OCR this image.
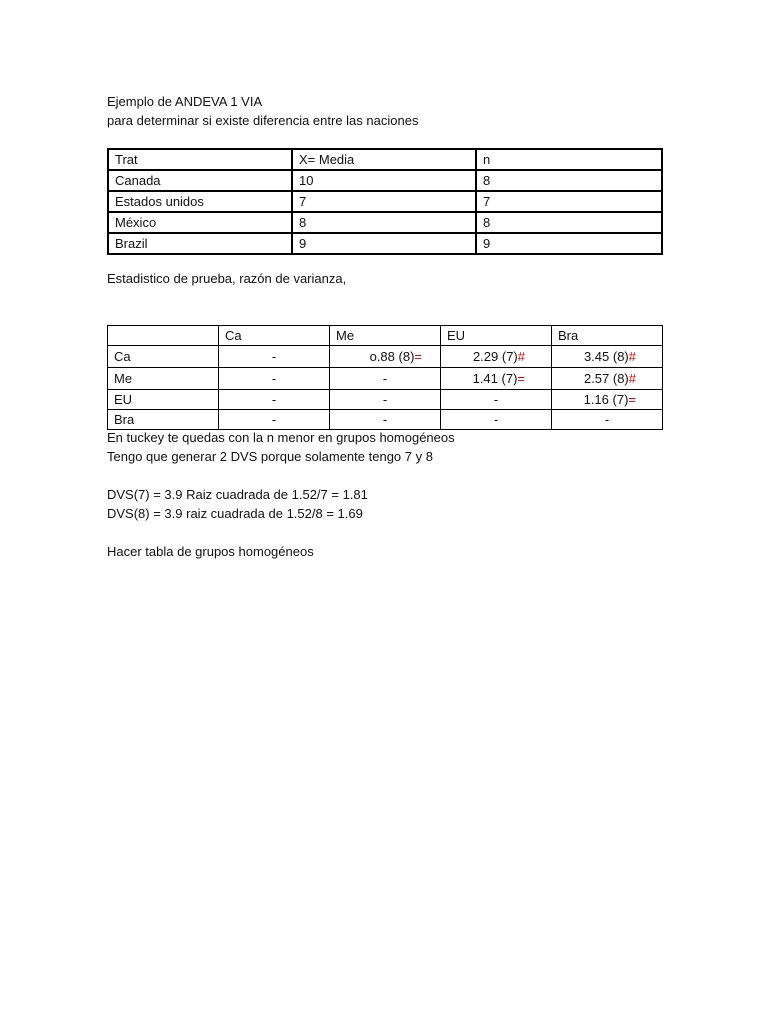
Ejemplo de ANDEVA 1 VIA
para determinar si existe diferencia entre las naciones
Trat	X= Media	n
Canada	10	8
Estados unidos	7	7
México	8	8
Brazil	9	9
Estadistico de prueba, razón de varianza,
	Ca	Me	EU	Bra
Ca	-	o.88 (8)=	2.29 (7)#	3.45 (8)#
Me	-	-	1.41 (7)=	2.57 (8)#
EU	-	-	-	1.16 (7)=
Bra	-	-	-	-
En tuckey te quedas con la n menor en grupos homogéneos
Tengo que generar 2 DVS porque solamente tengo 7 y 8
DVS(7) = 3.9 Raiz cuadrada de 1.52/7 = 1.81
DVS(8) = 3.9 raiz cuadrada de 1.52/8 = 1.69
Hacer tabla de grupos homogéneos
